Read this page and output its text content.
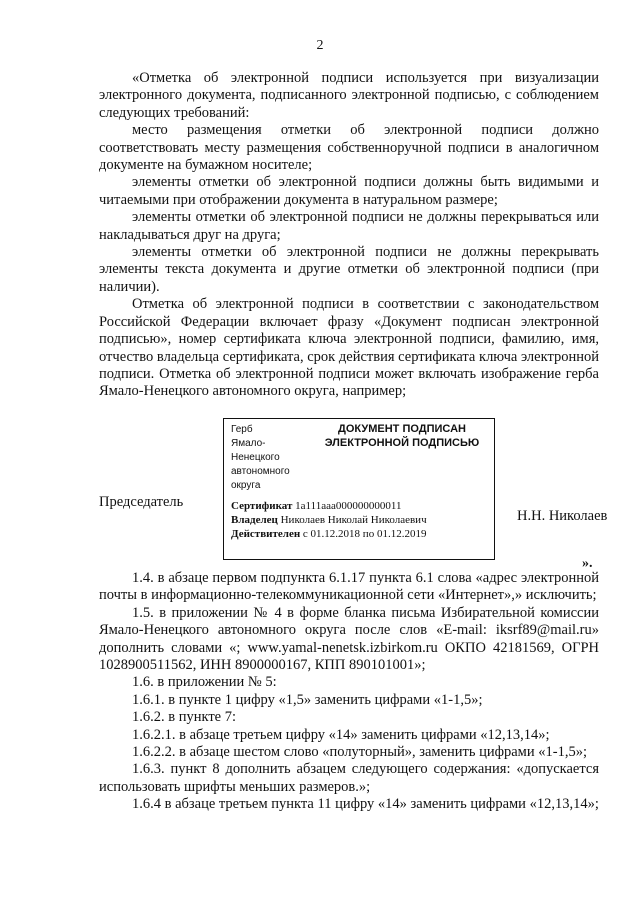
2

«Отметка об электронной подписи используется при визуализации электронного документа, подписанного электронной подписью, с соблюдением следующих требований:

место размещения отметки об электронной подписи должно соответствовать месту размещения собственноручной подписи в аналогичном документе на бумажном носителе;

элементы отметки об электронной подписи должны быть видимыми и читаемыми при отображении документа в натуральном размере;

элементы отметки об электронной подписи не должны перекрываться или накладываться друг на друга;

элементы отметки об электронной подписи не должны перекрывать элементы текста документа и другие отметки об электронной подписи (при наличии).

Отметка об электронной подписи в соответствии с законодательством Российской Федерации включает фразу «Документ подписан электронной подписью», номер сертификата ключа электронной подписи, фамилию, имя, отчество владельца сертификата, срок действия сертификата ключа электронной подписи. Отметка об электронной подписи может включать изображение герба Ямало-Ненецкого автономного округа, например;

Председатель
Герб
Ямало-
Ненецкого
автономного
округа
ДОКУМЕНТ ПОДПИСАН
ЭЛЕКТРОННОЙ ПОДПИСЬЮ
Сертификат 1a111aaa000000000011
Владелец Николаев Николай Николаевич
Действителен с 01.12.2018 по 01.12.2019
Н.Н. Николаев
».

1.4. в абзаце первом подпункта 6.1.17 пункта 6.1 слова «адрес электронной почты в информационно-телекоммуникационной сети «Интернет»,» исключить;

1.5. в приложении № 4 в форме бланка письма Избирательной комиссии Ямало-Ненецкого автономного округа после слов «E-mail: iksrf89@mail.ru» дополнить словами «; www.yamal-nenetsk.izbirkom.ru ОКПО 42181569, ОГРН 1028900511562, ИНН 8900000167, КПП 890101001»;

1.6. в приложении № 5:

1.6.1. в пункте 1 цифру «1,5» заменить цифрами «1-1,5»;

1.6.2. в пункте 7:

1.6.2.1. в абзаце третьем цифру «14» заменить цифрами «12,13,14»;

1.6.2.2. в абзаце шестом слово «полуторный», заменить цифрами «1-1,5»;

1.6.3. пункт 8 дополнить абзацем следующего содержания: «допускается использовать шрифты меньших размеров.»;

1.6.4 в абзаце третьем пункта 11 цифру «14» заменить цифрами «12,13,14»;
